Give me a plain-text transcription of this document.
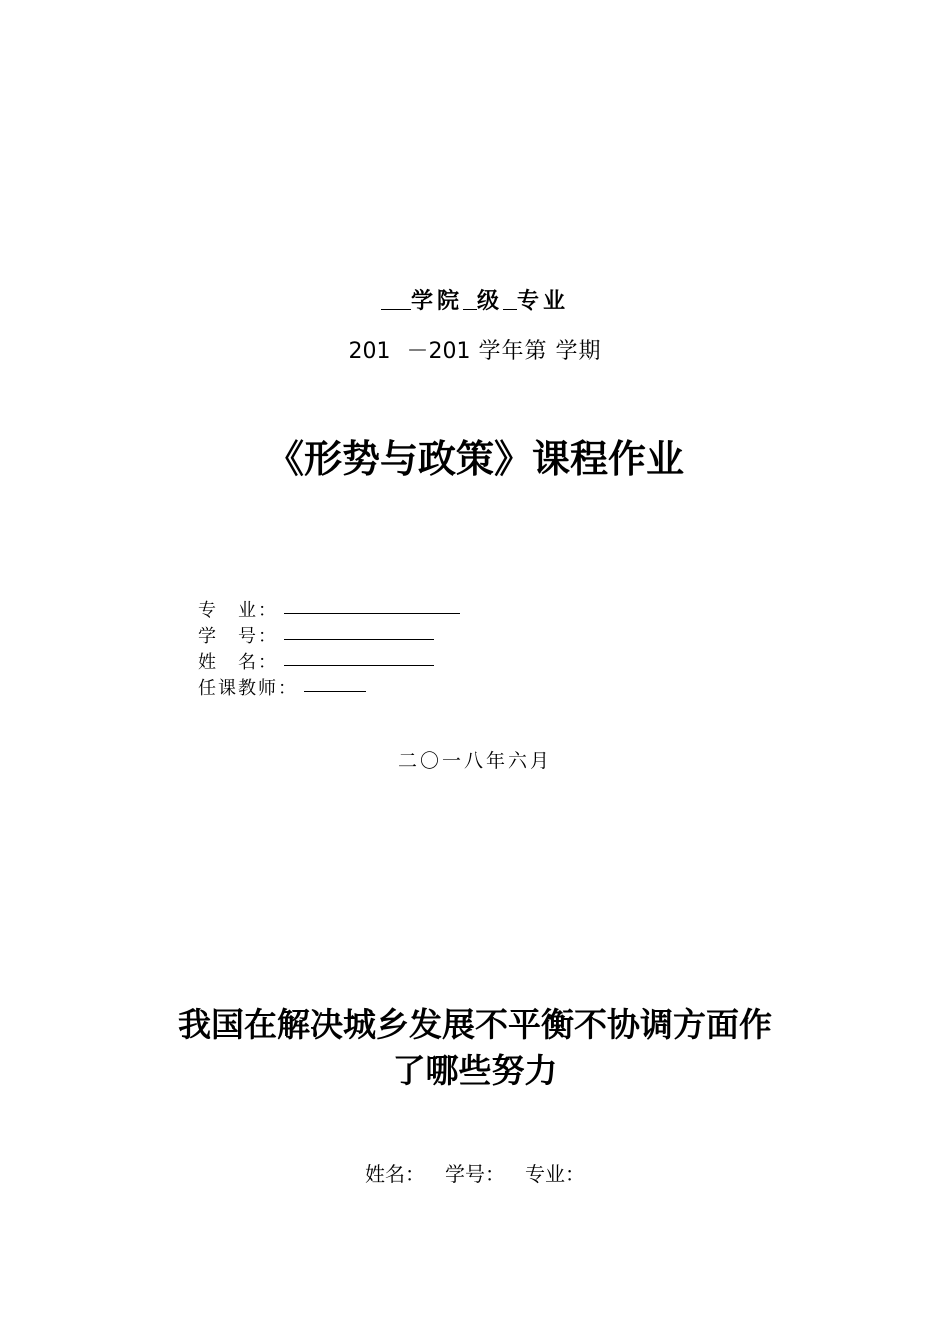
学院 级 专业
201 －201 学年第 学期
《形势与政策》课程作业
专　业：
学　号：
姓　名：
任课教师：
二〇一八年六月
我国在解决城乡发展不平衡不协调方面作
了哪些努力
姓名： 学号： 专业：
